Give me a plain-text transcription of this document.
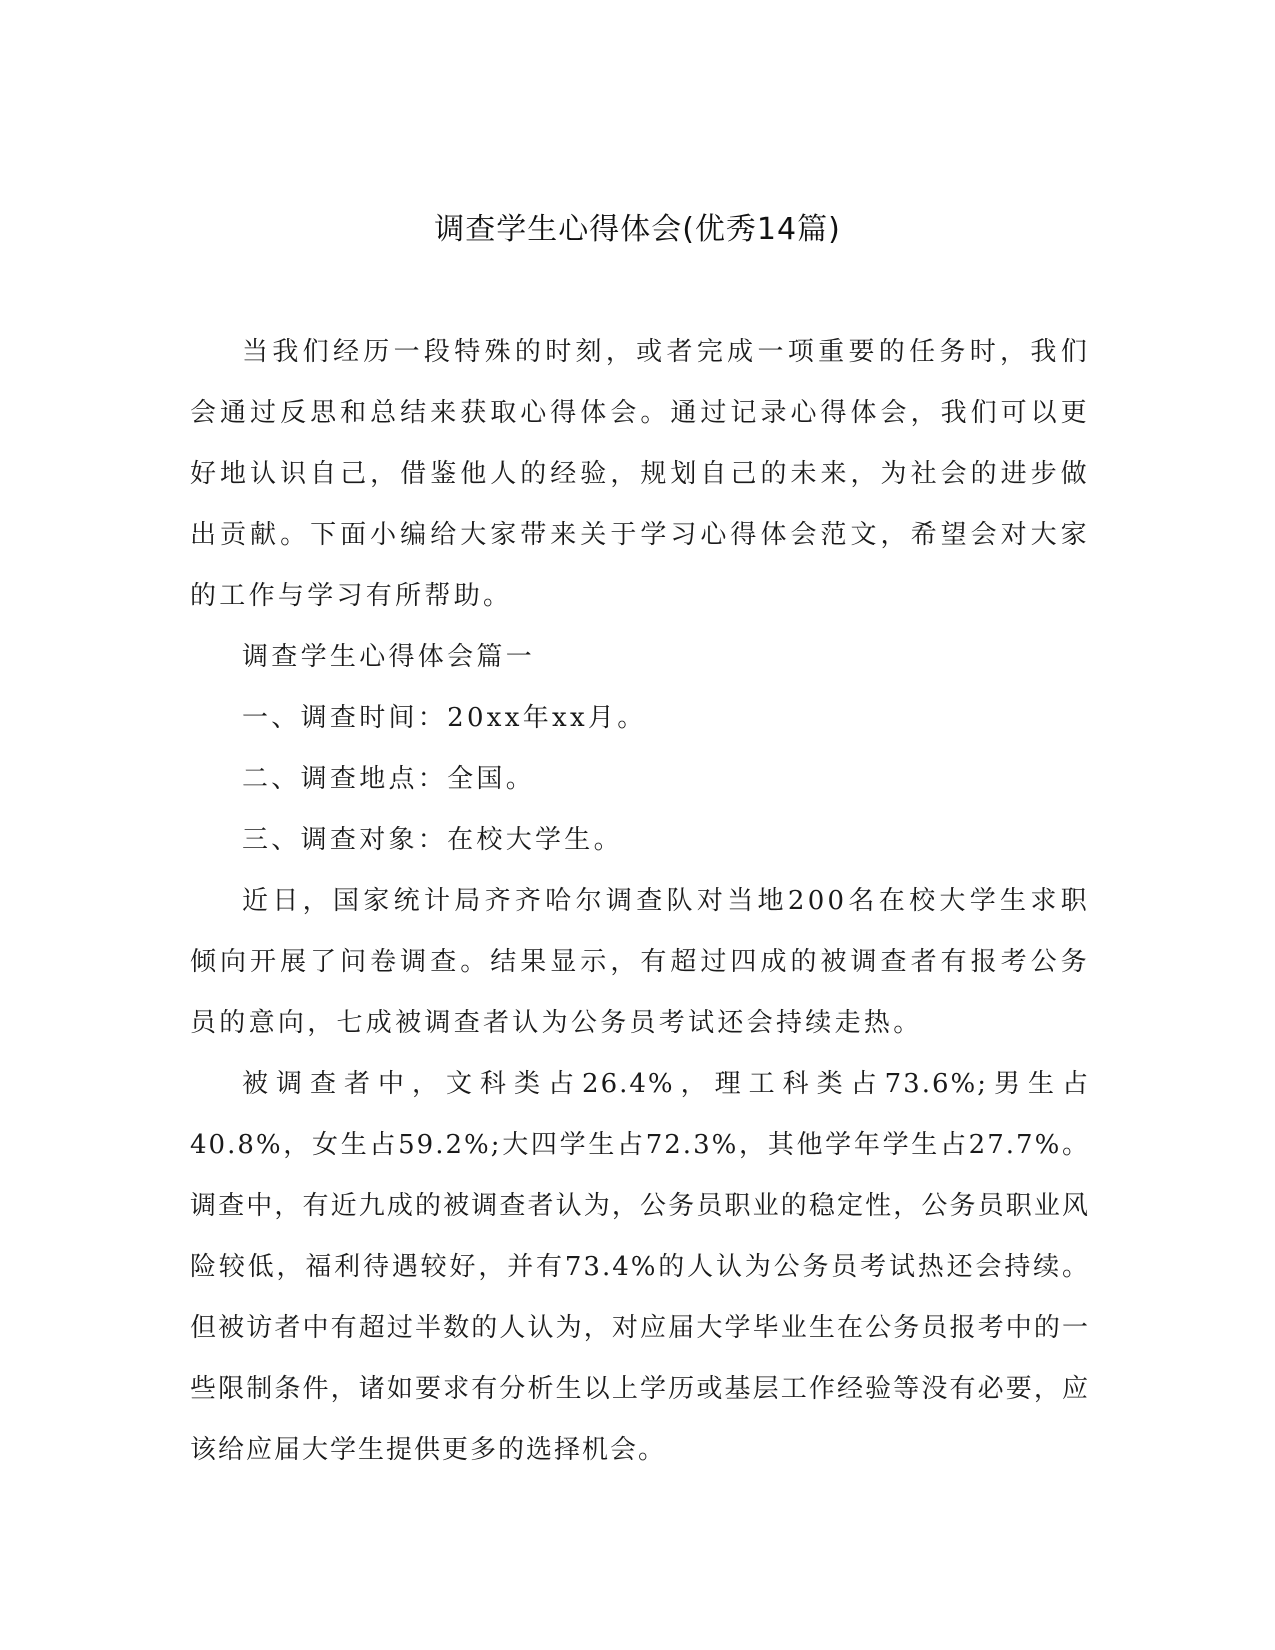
调查学生心得体会(优秀14篇)

当我们经历一段特殊的时刻，或者完成一项重要的任务时，我们会通过反思和总结来获取心得体会。通过记录心得体会，我们可以更好地认识自己，借鉴他人的经验，规划自己的未来，为社会的进步做出贡献。下面小编给大家带来关于学习心得体会范文，希望会对大家的工作与学习有所帮助。

调查学生心得体会篇一

一、调查时间：20xx年xx月。

二、调查地点：全国。

三、调查对象：在校大学生。

近日，国家统计局齐齐哈尔调查队对当地200名在校大学生求职倾向开展了问卷调查。结果显示，有超过四成的被调查者有报考公务员的意向，七成被调查者认为公务员考试还会持续走热。

被调查者中，文科类占26.4%，理工科类占73.6%;男生占40.8%，女生占59.2%;大四学生占72.3%，其他学年学生占27.7%。调查中，有近九成的被调查者认为，公务员职业的稳定性，公务员职业风险较低，福利待遇较好，并有73.4%的人认为公务员考试热还会持续。但被访者中有超过半数的人认为，对应届大学毕业生在公务员报考中的一些限制条件，诸如要求有分析生以上学历或基层工作经验等没有必要，应该给应届大学生提供更多的选择机会。
